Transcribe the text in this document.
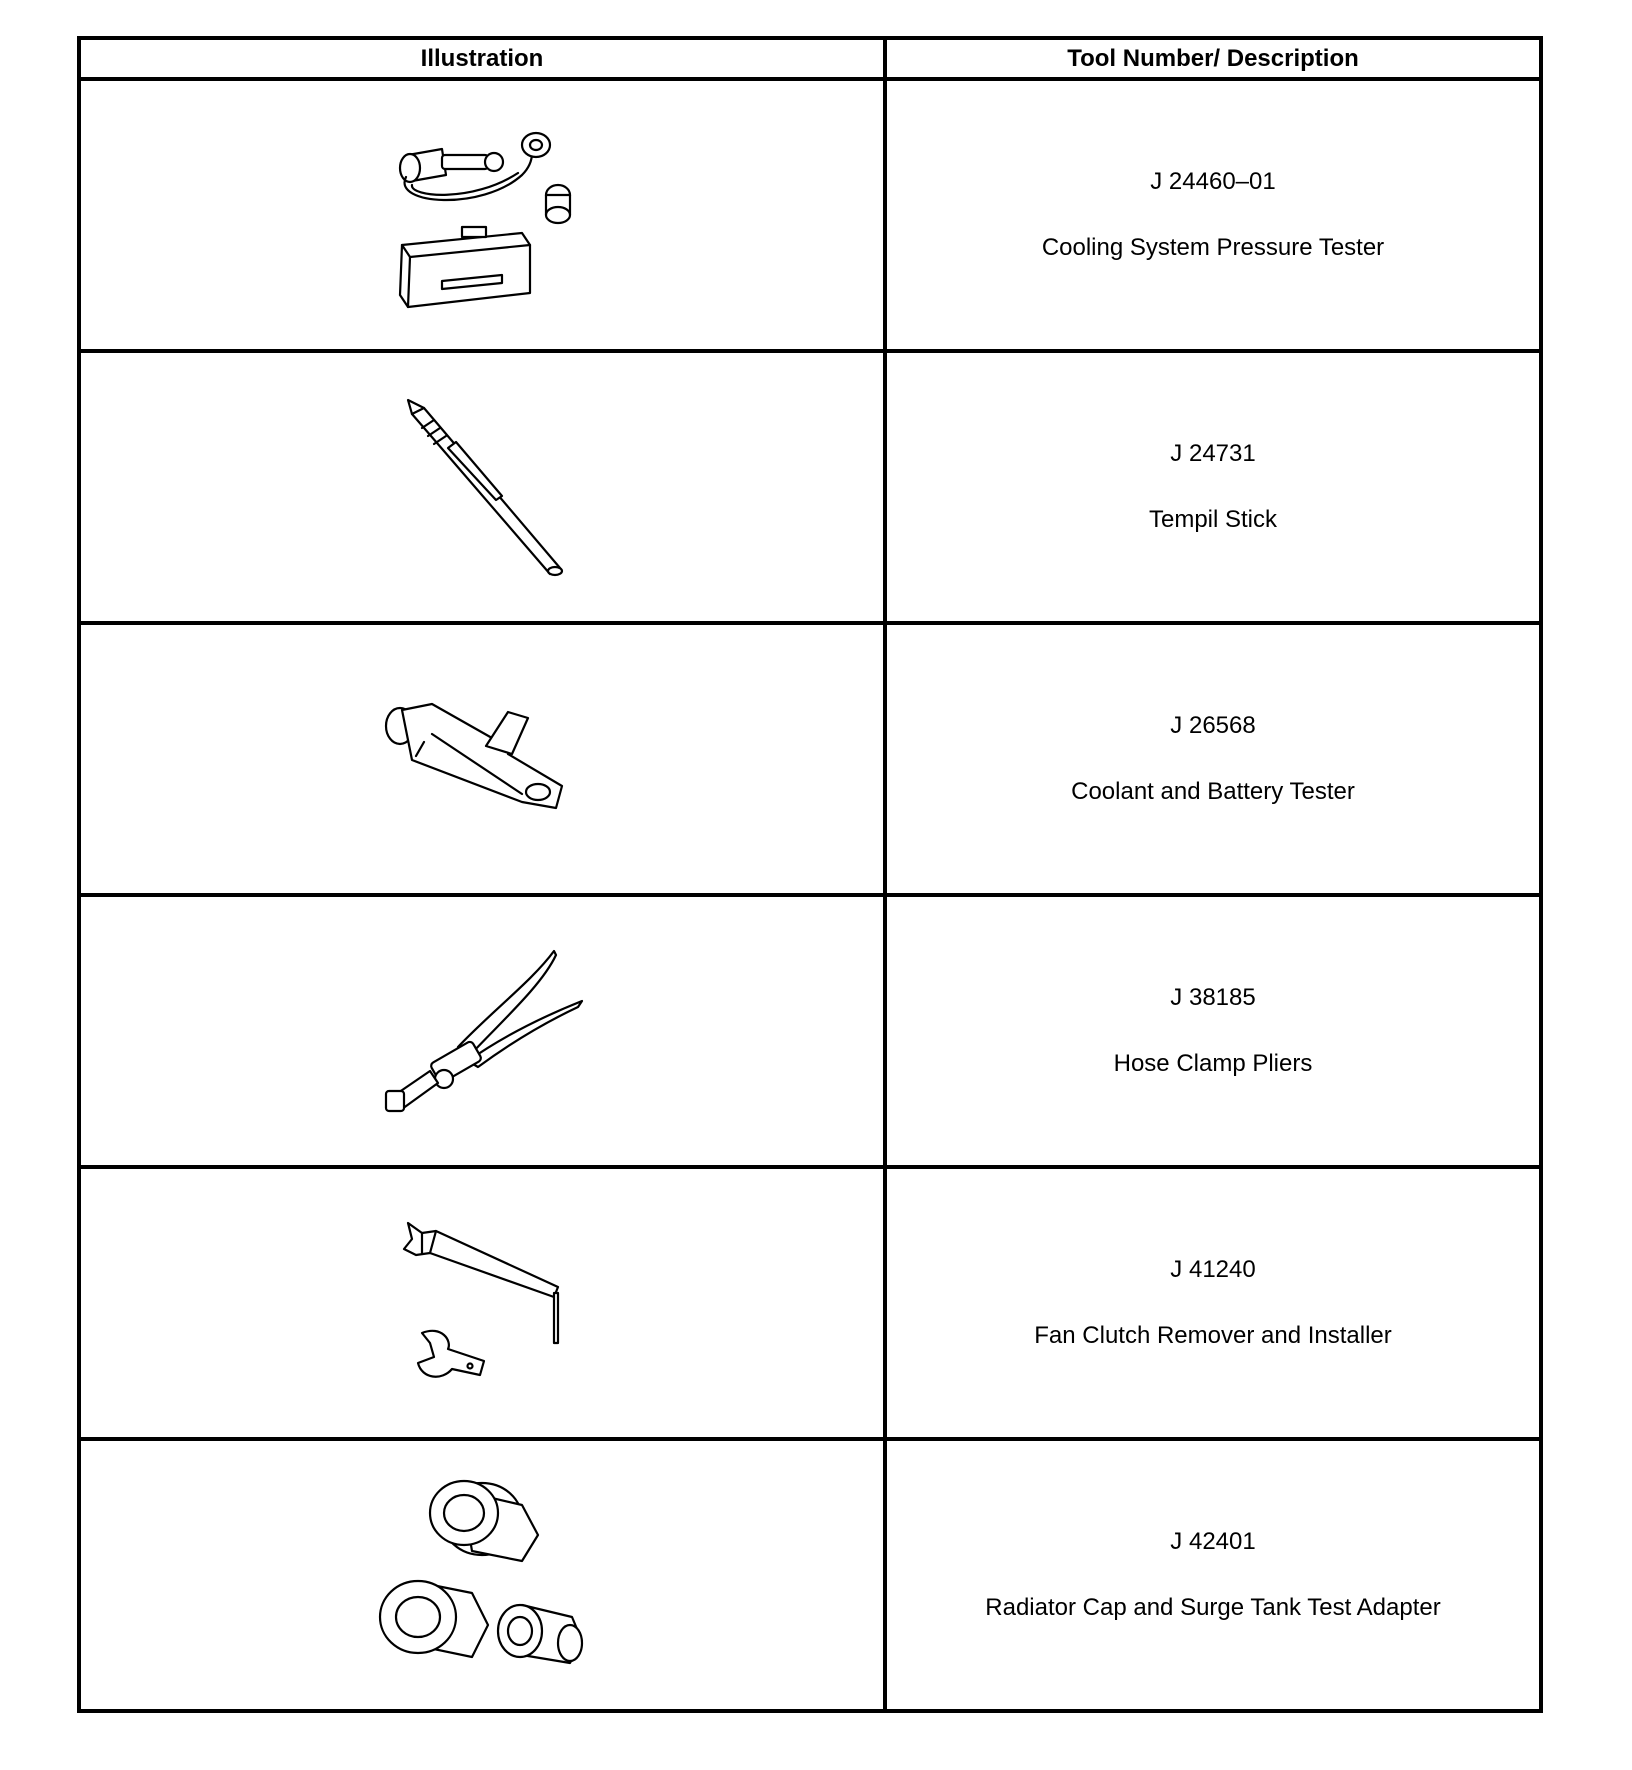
Illustration	Tool Number/ Description

J 24460–01
Cooling System Pressure Tester

J 24731
Tempil Stick

J 26568
Coolant and Battery Tester

J 38185
Hose Clamp Pliers

J 41240
Fan Clutch Remover and Installer

J 42401
Radiator Cap and Surge Tank Test Adapter
